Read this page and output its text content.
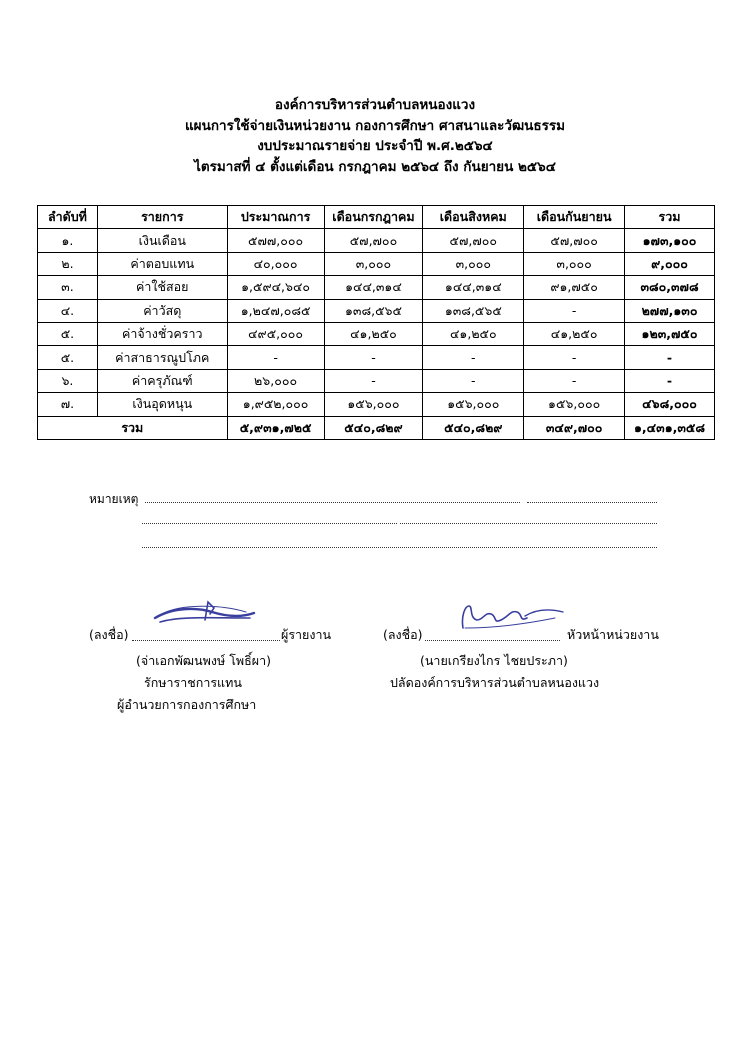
องค์การบริหารส่วนตำบลหนองแวง
แผนการใช้จ่ายเงินหน่วยงาน กองการศึกษา ศาสนาและวัฒนธรรม
งบประมาณรายจ่าย ประจำปี พ.ศ.๒๕๖๔
ไตรมาสที่ ๔ ตั้งแต่เดือน กรกฎาคม ๒๕๖๔ ถึง กันยายน ๒๕๖๔
ลำดับที่	รายการ	ประมาณการ	เดือนกรกฎาคม	เดือนสิงหคม	เดือนกันยายน	รวม
๑.	เงินเดือน	๕๗๗,๐๐๐	๕๗,๗๐๐	๕๗,๗๐๐	๕๗,๗๐๐	๑๗๓,๑๐๐
๒.	ค่าตอบแทน	๔๐,๐๐๐	๓,๐๐๐	๓,๐๐๐	๓,๐๐๐	๙,๐๐๐
๓.	ค่าใช้สอย	๑,๕๙๔,๖๔๐	๑๔๔,๓๑๔	๑๔๔,๓๑๔	๙๑,๗๕๐	๓๘๐,๓๗๘
๔.	ค่าวัสดุ	๑,๒๔๗,๐๘๕	๑๓๘,๕๖๕	๑๓๘,๕๖๕	-	๒๗๗,๑๓๐
๕.	ค่าจ้างชั่วคราว	๔๙๕,๐๐๐	๔๑,๒๕๐	๔๑,๒๕๐	๔๑,๒๕๐	๑๒๓,๗๕๐
๕.	ค่าสาธารณูปโภค	-	-	-	-	-
๖.	ค่าครุภัณฑ์	๒๖,๐๐๐	-	-	-	-
๗.	เงินอุดหนุน	๑,๙๕๒,๐๐๐	๑๕๖,๐๐๐	๑๕๖,๐๐๐	๑๕๖,๐๐๐	๔๖๘,๐๐๐
รวม		๕,๙๓๑,๗๒๕	๕๔๐,๘๒๙	๕๔๐,๘๒๙	๓๔๙,๗๐๐	๑,๔๓๑,๓๕๘
หมายเหตุ
(ลงชื่อ)	ผู้รายงาน
(จ่าเอกพัฒนพงษ์ โพธิ์ผา)
รักษาราชการแทน
ผู้อำนวยการกองการศึกษา
(ลงชื่อ)	หัวหน้าหน่วยงาน
(นายเกรียงไกร ไชยประภา)
ปลัดองค์การบริหารส่วนตำบลหนองแวง
